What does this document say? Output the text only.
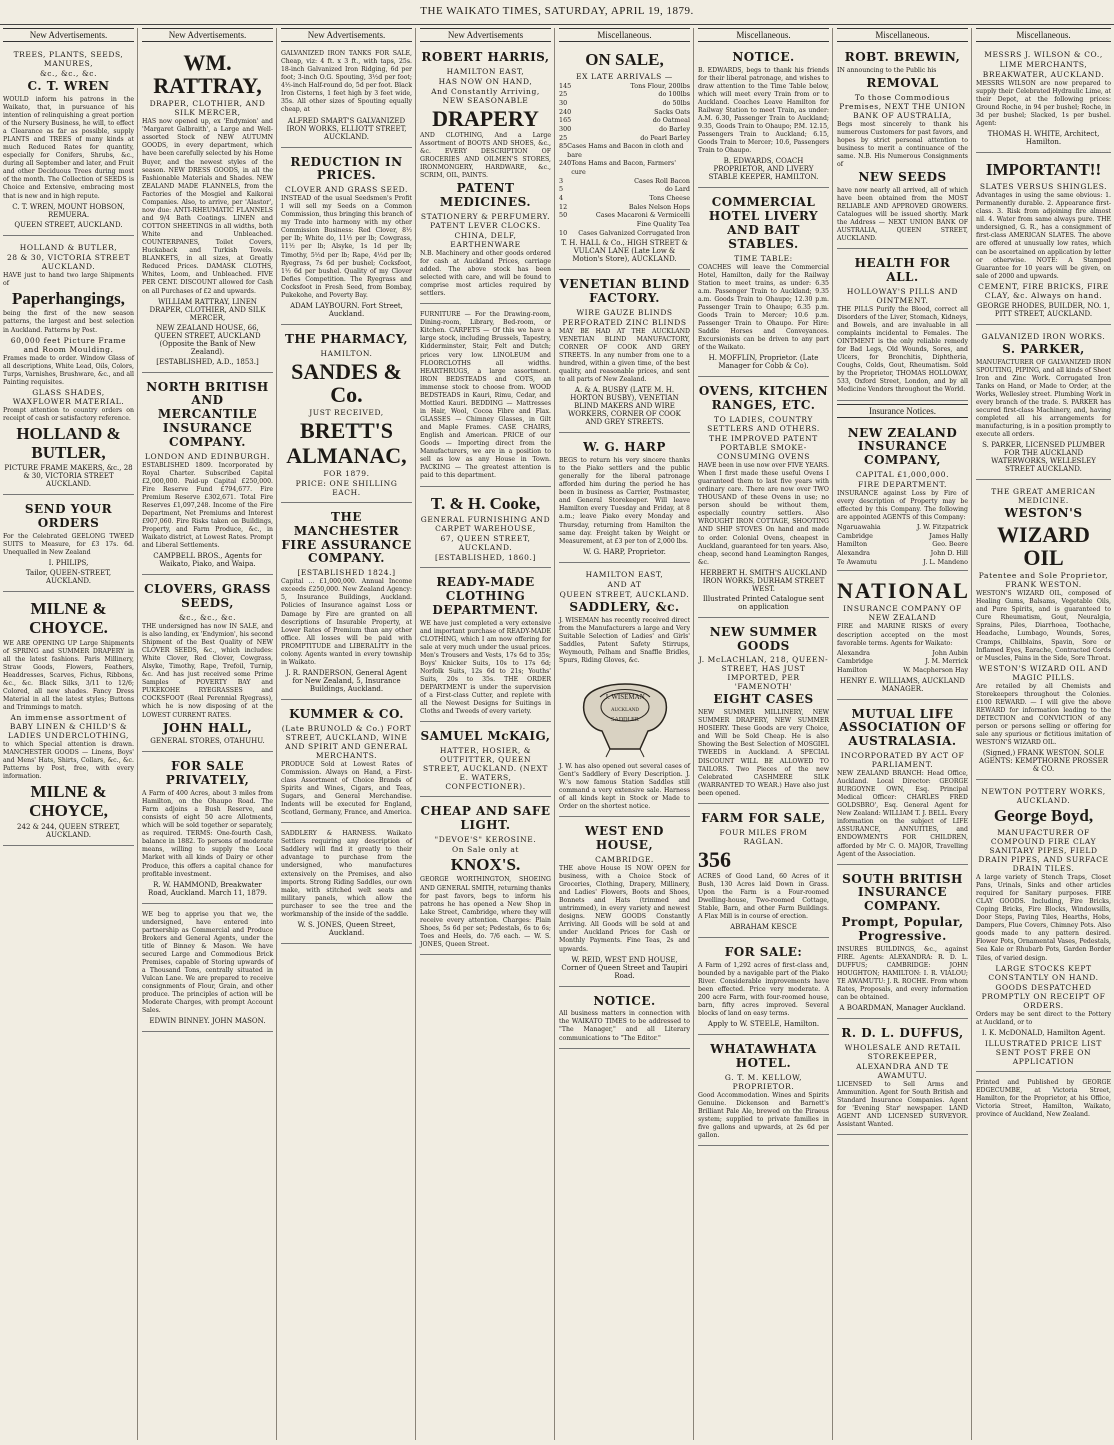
THE WAIKATO TIMES, SATURDAY, APRIL 19, 1879.
New Advertisements.
TREES, PLANTS, SEEDS, MANURES,
&c., &c., &c.
C. T. WREN
WOULD inform his patrons in the Waikato, that, in pursuance of his intention of relinquishing a great portion of the Nursery Business, he will, to effect a Clearance as far as possible, supply PLANTS and TREES of many kinds at much Reduced Rates for quantity, especially for Conifers, Shrubs, &c., during all September and later, and Fruit and other Deciduous Trees during most of the month. The Collection of SEEDS is Choice and Extensive, embracing most that is new and in high repute.
C. T. WREN, MOUNT HOBSON, REMUERA.
QUEEN STREET, AUCKLAND.
HOLLAND & BUTLER,
28 & 30, VICTORIA STREET AUCKLAND.
HAVE just to hand two large Shipments of
Paperhangings,
being the first of the new season patterns, the largest and best selection in Auckland. Patterns by Post.
60,000 feet Picture Frame and Room Moulding.
Frames made to order. Window Glass of all descriptions, White Lead, Oils, Colors, Turps, Varnishes, Brushware, &c., and all Painting requisites.
GLASS SHADES, WAXFLOWER MATERIAL.
Prompt attention to country orders on receipt of cash or satisfactory reference.
HOLLAND & BUTLER,
PICTURE FRAME MAKERS, &c., 28 & 30, VICTORIA STREET AUCKLAND.
SEND YOUR ORDERS
For the Celebrated GEELONG TWEED SUITS to Measure, for £3 17s. 6d. Unequalled in New Zealand
I. PHILIPS,
Tailor, QUEEN-STREET, AUCKLAND.
MILNE & CHOYCE.
WE ARE OPENING UP Large Shipments of SPRING and SUMMER DRAPERY in all the latest fashions. Paris Millinery, Straw Goods, Flowers, Feathers, Headdresses, Scarves, Fichus, Ribbons, &c., &c. Black Silks, 3/11 to 12/6; Colored, all new shades. Fancy Dress Material in all the latest styles; Buttons and Trimmings to match.
An immense assortment of BABY LINEN & CHILD'S & LADIES UNDERCLOTHING,
to which Special attention is drawn. MANCHESTER GOODS — Linens, Boys' and Mens' Hats, Shirts, Collars, &c., &c. Patterns by Post, free, with every information.
MILNE & CHOYCE,
242 & 244, QUEEN STREET, AUCKLAND.
New Advertisements.
WM. RATTRAY,
DRAPER, CLOTHIER, AND SILK MERCER,
HAS now opened up, ex 'Endymion' and 'Margaret Galbraith', a Large and Well-assorted Stock of NEW AUTUMN GOODS, in every department, which have been carefully selected by his Home Buyer, and the newest styles of the season. NEW DRESS GOODS, in all the Fashionable Materials and Shades. NEW ZEALAND MADE FLANNELS, from the Factories of the Mosgiel and Kaikorai Companies. Also, to arrive, per 'Alastor', now due: ANTI-RHEUMATIC FLANNELS and 9/4 Bath Coatings. LINEN and COTTON SHEETINGS in all widths, both White and Unbleached. COUNTERPANES, Toilet Covers, Huckaback and Turkish Towels. BLANKETS, in all sizes, at Greatly Reduced Prices. DAMASK CLOTHS, Whites, Loom, and Unbleached. FIVE PER CENT. DISCOUNT allowed for Cash on all Purchases of £2 and upwards.
WILLIAM RATTRAY, LINEN DRAPER, CLOTHIER, AND SILK MERCER,
NEW ZEALAND HOUSE, 66, QUEEN STREET, AUCKLAND (Opposite the Bank of New Zealand).
[ESTABLISHED, A.D., 1853.]
NORTH BRITISH AND MERCANTILE INSURANCE COMPANY.
LONDON AND EDINBURGH.
ESTABLISHED 1809. Incorporated by Royal Charter. Subscribed Capital £2,000,000. Paid-up Capital £250,000. Fire Reserve Fund £794,677. Fire Premium Reserve £302,671. Total Fire Reserves £1,097,248. Income of the Fire Department, Net Premiums and Interest £907,060. Fire Risks taken on Buildings, Property, and Farm Produce, &c., in Waikato district, at Lowest Rates. Prompt and Liberal Settlements.
CAMPBELL BROS., Agents for Waikato, Piako, and Waipa.
CLOVERS, GRASS SEEDS,
&c., &c., &c.
THE undersigned has now IN SALE, and is also landing, ex 'Endymion', his second Shipment of the Best Quality of NEW CLOVER SEEDS, &c., which includes: White Clover, Red Clover, Cowgrass, Alsyke, Timothy, Rape, Trefoil, Turnip, &c. And has just received some Prime Samples of POVERTY BAY and PUKEKOHE RYEGRASSES and COCKSFOOT (Real Perennial Ryegrass), which he is now disposing of at the LOWEST CURRENT RATES.
JOHN HALL,
GENERAL STORES, OTAHUHU.
FOR SALE PRIVATELY,
A Farm of 400 Acres, about 3 miles from Hamilton, on the Ohaupo Road. The Farm adjoins a Bush Reserve, and consists of eight 50 acre Allotments, which will be sold together or separately, as required. TERMS: One-fourth Cash, balance in 1882. To persons of moderate means, willing to supply the Local Market with all kinds of Dairy or other Produce, this offers a capital chance for profitable investment.
R. W. HAMMOND, Breakwater Road, Auckland. March 11, 1879.
WE beg to apprise you that we, the undersigned, have entered into partnership as Commercial and Produce Brokers and General Agents, under the title of Binney & Mason. We have secured Large and Commodious Brick Premises, capable of Storing upwards of a Thousand Tons, centrally situated in Vulcan Lane. We are prepared to receive consignments of Flour, Grain, and other produce. The principles of action will be Moderate Charges, with prompt Account Sales.
EDWIN BINNEY. JOHN MASON.
New Advertisements.
GALVANIZED IRON TANKS FOR SALE, Cheap, viz: 4 ft. x 3 ft., with taps, 25s. 18-inch Galvanized Iron Ridging, 6d per foot; 3-inch O.G. Spouting, 3½d per foot; 4½-inch Half-round do, 5d per foot. Black Iron Cisterns, 1 feet high by 3 feet wide, 35s. All other sizes of Spouting equally cheap, at
ALFRED SMART'S GALVANIZED IRON WORKS, ELLIOTT STREET, AUCKLAND.
REDUCTION IN PRICES.
CLOVER AND GRASS SEED.
INSTEAD of the usual Seedsmen's Profit I will sell my Seeds on a Common Commission, thus bringing this branch of my Trade into harmony with my other Commission Business: Red Clover, 8½ per lb; White do, 11½ per lb; Cowgrass, 11½ per lb; Alsyke, 1s 1d per lb; Timothy, 5½d per lb; Rape, 4½d per lb; Ryegrass, 7s 6d per bushel; Cocksfoot, 1½ 6d per bushel. Quality of my Clover Defies Competition. The Ryegrass and Cocksfoot in Fresh Seed, from Bombay, Pukekohe, and Poverty Bay.
ADAM LAYBOURN. Fort Street, Auckland.
THE PHARMACY,
HAMILTON.
SANDES & Co.
JUST RECEIVED,
BRETT'S
ALMANAC,
FOR 1879.
PRICE: ONE SHILLING EACH.
THE MANCHESTER FIRE ASSURANCE COMPANY.
[ESTABLISHED 1824.]
Capital ... £1,000,000. Annual Income exceeds £250,000. New Zealand Agency: 5, Insurance Buildings, Auckland. Policies of Insurance against Loss or Damage by Fire are granted on all descriptions of Insurable Property, at Lower Rates of Premium than any other office. All losses will be paid with PROMPTITUDE and LIBERALITY in the colony. Agents wanted in every township in Waikato.
J. R. RANDERSON, General Agent for New Zealand, 5, Insurance Buildings, Auckland.
KUMMER & CO.
(Late BRUNOLD & Co.) FORT STREET, AUCKLAND, WINE AND SPIRIT AND GENERAL MERCHANTS.
PRODUCE Sold at Lowest Rates of Commission. Always on Hand, a First-class Assortment of Choice Brands of Spirits and Wines, Cigars, and Teas, Sugars, and General Merchandise. Indents will be executed for England, Scotland, Germany, France, and America.
SADDLERY & HARNESS. Waikato Settlers requiring any description of Saddlery will find it greatly to their advantage to purchase from the undersigned, who manufactures extensively on the Premises, and also imports. Strong Riding Saddles, our own make, with stitched welt seats and military panels, which allow the purchaser to see the tree and the workmanship of the inside of the saddle.
W. S. JONES, Queen Street, Auckland.
New Advertisements
ROBERT HARRIS,
HAMILTON EAST,
HAS NOW ON HAND,
And Constantly Arriving, NEW SEASONABLE
DRAPERY
AND CLOTHING, And a Large Assortment of BOOTS AND SHOES, &c., &c. EVERY DESCRIPTION OF GROCERIES AND OILMEN'S STORES, IRONMONGERY, HARDWARE, &c., SCRIM, OIL, PAINTS.
PATENT MEDICINES.
STATIONERY & PERFUMERY. PATENT LEVER CLOCKS.
CHINA, DELF, EARTHENWARE
N.B. Machinery and other goods ordered for cash at Auckland Prices, carriage added. The above stock has been selected with care, and will be found to comprise most articles required by settlers.
FURNITURE — For the Drawing-room, Dining-room, Library, Bed-room, or Kitchen. CARPETS — Of this we have a large stock, including Brussels, Tapestry, Kidderminster, Stair, Felt and Dutch; prices very low. LINOLEUM and FLOORCLOTHS all widths. HEARTHRUGS, a large assortment. IRON BEDSTEADS and COTS, an immense stock to choose from. WOOD BEDSTEADS in Kauri, Rimu, Cedar, and Mottled Kauri. BEDDING — Mattresses in Hair, Wool, Cocoa Fibre and Flax. GLASSES — Chimney Glasses, in Gilt and Maple Frames. CASE CHAIRS, English and American. PRICE of our Goods — Importing direct from the Manufacturers, we are in a position to sell as low as any House in Town. PACKING — The greatest attention is paid to this department.
T. & H. Cooke,
GENERAL FURNISHING AND CARPET WAREHOUSE,
67, QUEEN STREET, AUCKLAND.
[ESTABLISHED, 1860.]
READY-MADE CLOTHING DEPARTMENT.
WE have just completed a very extensive and important purchase of READY-MADE CLOTHING, which I am now offering for sale at very much under the usual prices. Men's Trousers and Vests, 17s 6d to 35s; Boys' Knicker Suits, 10s to 17s 6d; Norfolk Suits, 12s 6d to 21s; Youths' Suits, 20s to 35s. THE ORDER DEPARTMENT is under the supervision of a First-class Cutter, and replete with all the Newest Designs for Suitings in Cloths and Tweeds of every variety.
SAMUEL McKAIG,
HATTER, HOSIER, & OUTFITTER, QUEEN STREET, AUCKLAND. (NEXT E. WATERS, CONFECTIONER).
CHEAP AND SAFE LIGHT.
"DEVOE'S" KEROSINE.
On Sale only at
KNOX'S.
GEORGE WORTHINGTON, SHOEING AND GENERAL SMITH, returning thanks for past favors, begs to inform his patrons he has opened a New Shop in Lake Street, Cambridge, where they will receive every attention. Charges: Plain Shoes, 5s 6d per set; Pedestals, 6s to 6s; Toes and Heels, do. 7/6 each. — W. S. JONES, Queen Street.
Miscellaneous.
ON SALE,
EX LATE ARRIVALS —
145	Tons Flour, 200lbs
25	do 100lbs
30	do 50lbs
240	Sacks Oats
165	do Oatmeal
300	do Barley
25	do Pearl Barley
85 Cases Hams and Bacon in cloth and bare
240 Tons Hams and Bacon, Farmers' cure
3	Cases Roll Bacon
5	do Lard
4	Tons Cheese
12	Bales Nelson Hops
50	Cases Macaroni & Vermicelli
Fine Quality Tea
10 Cases Galvanized Corrugated Iron
T. H. HALL & Co., HIGH STREET & VULCAN LANE (Late Low & Motion's Store), AUCKLAND.
VENETIAN BLIND FACTORY.
WIRE GAUZE BLINDS
PERFORATED ZINC BLINDS
MAY BE HAD AT THE AUCKLAND VENETIAN BLIND MANUFACTORY, CORNER OF COOK AND GREY STREETS. In any number from one to a hundred, within a given time, of the best quality, and reasonable prices, and sent to all parts of New Zealand.
A. & A. BUSBY (LATE M. H. HORTON BUSBY), VENETIAN BLIND MAKERS AND WIRE WORKERS, CORNER OF COOK AND GREY STREETS.
W. G. HARP
BEGS to return his very sincere thanks to the Piako settlers and the public generally for the liberal patronage afforded him during the period he has been in business as Carrier, Postmaster, and General Storekeeper. Will leave Hamilton every Tuesday and Friday, at 8 a.m.; leave Piako every Monday and Thursday, returning from Hamilton the same day. Freight taken by Weight or Measurement, at £3 per ton of 2,000 lbs.
W. G. HARP, Proprietor.
HAMILTON EAST,
AND AT
QUEEN STREET, AUCKLAND.
SADDLERY, &c.
J. WISEMAN has recently received direct from the Manufacturers a large and Very Suitable Selection of Ladies' and Girls' Saddles, Patent Safety Stirrups, Weymouth, Pelham and Snaffle Bridles, Spurs, Riding Gloves, &c.
J. WISEMAN
AUCKLAND
SADDLER
J. W. has also opened out several cases of Gent's Saddlery of Every Description. J. W.'s now famous Station Saddles still command a very extensive sale. Harness of all kinds kept in Stock or Made to Order on the shortest notice.
WEST END HOUSE,
CAMBRIDGE.
THE above House IS NOW OPEN for business, with a Choice Stock of Groceries, Clothing, Drapery, Millinery, and Ladies' Flowers, Boots and Shoes, Bonnets and Hats (trimmed and untrimmed), in every variety and newest designs. NEW GOODS Constantly Arriving. All Goods will be sold at and under Auckland Prices for Cash or Monthly Payments. Fine Teas, 2s and upwards.
W. REID, WEST END HOUSE, Corner of Queen Street and Taupiri Road.
NOTICE.
All business matters in connection with the WAIKATO TIMES to be addressed to "The Manager," and all Literary communications to "The Editor."
Miscellaneous.
NOTICE.
B. EDWARDS, begs to thank his friends for their liberal patronage, and wishes to draw attention to the Time Table below, which will meet every Train from or to Auckland. Coaches Leave Hamilton for Railway Station to meet Train, as under: A.M. 6.30, Passenger Train to Auckland; 9.35, Goods Train to Ohaupo; P.M. 12.15, Passengers Train to Auckland; 6.15, Goods Train to Mercer; 10.6, Passengers Train to Ohaupo.
B. EDWARDS, COACH PROPRIETOR, AND LIVERY STABLE KEEPER, HAMILTON.
COMMERCIAL HOTEL LIVERY AND BAIT STABLES.
TIME TABLE:
COACHES will leave the Commercial Hotel, Hamilton, daily for the Railway Station to meet trains, as under: 6.35 a.m. Passenger Train to Auckland; 9.35 a.m. Goods Train to Ohaupo; 12.30 p.m. Passenger Train to Ohaupo; 6.35 p.m. Goods Train to Mercer; 10.6 p.m. Passenger Train to Ohaupo. For Hire: Saddle Horses and Conveyances. Excursionists can be driven to any part of the Waikato.
H. MOFFLIN, Proprietor. (Late Manager for Cobb & Co).
OVENS, KITCHEN RANGES, ETC.
TO LADIES, COUNTRY SETTLERS AND OTHERS.
THE IMPROVED PATENT PORTABLE SMOKE-CONSUMING OVENS
HAVE been in use now over FIVE YEARS. When I first made these useful Ovens I guaranteed them to last five years with ordinary care. There are now over TWO THOUSAND of these Ovens in use; no person should be without them, especially country settlers. Also WROUGHT IRON COTTAGE, SHOOTING AND SHIP STOVES On hand and made to order. Colonial Ovens, cheapest in Auckland, guaranteed for ten years. Also, cheap, second hand Leamington Ranges, &c.
HERBERT H. SMITH'S AUCKLAND IRON WORKS, DURHAM STREET WEST.
Illustrated Printed Catalogue sent on application
NEW SUMMER GOODS
J. McLACHLAN, 218, QUEEN-STREET, HAS JUST IMPORTED, PER 'FAMENOTH'
EIGHT CASES
NEW SUMMER MILLINERY, NEW SUMMER DRAPERY, NEW SUMMER HOSIERY. These Goods are very Choice, and Will be Sold Cheap. He is also Showing the Best Selection of MOSGIEL TWEEDS in Auckland. A SPECIAL DISCOUNT WILL BE ALLOWED TO TAILORS. Two Pieces of the new Celebrated CASHMERE SILK (WARRANTED TO WEAR.) Have also just been opened.
FARM FOR SALE,
FOUR MILES FROM RAGLAN.
356
ACRES of Good Land, 60 Acres of it Bush, 130 Acres laid Down in Grass. Upon the Farm is a Four-roomed Dwelling-house, Two-roomed Cottage, Stable, Barn, and other Farm Buildings. A Flax Mill is in course of erection.
ABRAHAM KESCE
FOR SALE:
A Farm of 1,292 acres of first-class and, bounded by a navigable part of the Piako River. Considerable improvements have been effected. Price very moderate. A 200 acre Farm, with four-roomed house, barn, fifty acres improved. Several blocks of land on easy terms.
Apply to W. STEELE, Hamilton.
WHATAWHATA HOTEL.
G. T. M. KELLOW, PROPRIETOR.
Good Accommodation. Wines and Spirits Genuine. Dickenson and Barnett's Brilliant Pale Ale, brewed on the Piraeus system; supplied to private families in five gallons and upwards, at 2s 6d per gallon.
Miscellaneous.
ROBT. BREWIN,
IN announcing to the Public his
REMOVAL
To those Commodious Premises, NEXT THE UNION BANK OF AUSTRALIA,
Begs most sincerely to thank his numerous Customers for past favors, and hopes by strict personal attention to business to merit a continuance of the same. N.B. His Numerous Consignments of
NEW SEEDS
have now nearly all arrived, all of which have been obtained from the MOST RELIABLE AND APPROVED GROWERS. Catalogues will be issued shortly. Mark the Address — NEXT UNION BANK OF AUSTRALIA, QUEEN STREET, AUCKLAND.
HEALTH FOR ALL.
HOLLOWAY'S PILLS AND OINTMENT.
THE PILLS Purify the Blood, correct all Disorders of the Liver, Stomach, Kidneys, and Bowels, and are invaluable in all complaints incidental to Females. The OINTMENT is the only reliable remedy for Bad Legs, Old Wounds, Sores, and Ulcers, for Bronchitis, Diphtheria, Coughs, Colds, Gout, Rheumatism. Sold by the Proprietor, THOMAS HOLLOWAY, 533, Oxford Street, London, and by all Medicine Vendors throughout the World.
Insurance Notices.
NEW ZEALAND INSURANCE COMPANY,
CAPITAL £1,000,000.
FIRE DEPARTMENT.
INSURANCE against Loss by Fire of every description of Property may be effected by this Company. The following are appointed AGENTS of this Company:
Ngaruawahia	J. W. Fitzpatrick
Cambridge	James Hally
Hamilton	Geo. Beere
Alexandra	John D. Hill
Te Awamutu	J. L. Mandeno
NATIONAL
INSURANCE COMPANY OF NEW ZEALAND
FIRE and MARINE RISKS of every description accepted on the most favorable terms. Agents for Waikato:
Alexandra	John Aubin
Cambridge	J. M. Merrick
Hamilton	W. Macpherson Hay
HENRY E. WILLIAMS, AUCKLAND MANAGER.
MUTUAL LIFE ASSOCIATION OF AUSTRALASIA.
INCORPORATED BY ACT OF PARLIAMENT.
NEW ZEALAND BRANCH: Head Office, Auckland. Local Director: GEORGE BURGOYNE OWN, Esq. Principal Medical Officer: CHARLES FRED GOLDSBRO', Esq. General Agent for New Zealand: WILLIAM T. J. BELL. Every information on the subject of LIFE ASSURANCE, ANNUITIES, and ENDOWMENTS FOR CHILDREN, afforded by Mr C. O. MAJOR, Travelling Agent of the Association.
SOUTH BRITISH INSURANCE COMPANY.
Prompt, Popular, Progressive.
INSURES BUILDINGS, &c., against FIRE. Agents: ALEXANDRA: R. D. L. DUFFUS; CAMBRIDGE: JOHN HOUGHTON; HAMILTON: I. R. VIALOU; TE AWAMUTU: J. R. ROCHE. From whom Rates, Proposals, and every information can be obtained.
A BOARDMAN, Manager Auckland.
R. D. L. DUFFUS,
WHOLESALE AND RETAIL STOREKEEPER,
ALEXANDRA AND TE AWAMUTU.
LICENSED to Sell Arms and Ammunition. Agent for South British and Standard Insurance Companies. Agent for 'Evening Star' newspaper. LAND AGENT AND LICENSED SURVEYOR. Assistant Wanted.
Miscellaneous.
MESSRS J. WILSON & CO.,
LIME MERCHANTS,
BREAKWATER, AUCKLAND.
MESSRS WILSON are now prepared to supply their Celebrated Hydraulic Lime, at their Depot, at the following prices: Ground Roche, in 94 per bushel; Roche, in 3d per bushel; Slacked, 1s per bushel. Agent:
THOMAS H. WHITE, Architect, Hamilton.
IMPORTANT!!
SLATES VERSUS SHINGLES.
Advantages in using the same obvious: 1. Permanently durable. 2. Appearance first-class. 3. Risk from adjoining fire almost nil. 4. Water from same always pure. THE undersigned, G. R., has a consignment of first-class AMERICAN SLATES. The above are offered at unusually low rates, which can be ascertained on application by letter or otherwise. NOTE: A Stamped Guarantee for 10 years will be given, on sale of 2000 and upwards.
CEMENT, FIRE BRICKS, FIRE CLAY, &c. Always on hand.
GEORGE RHODES, BUILDER, NO. 1, PITT STREET, AUCKLAND.
GALVANIZED IRON WORKS.
S. PARKER,
MANUFACTURER OF GALVANIZED IRON SPOUTING, PIPING, and all kinds of Sheet Iron and Zinc Work. Corrugated Iron Tanks on Hand, or Made to Order, at the Works, Wellesley street. Plumbing Work in every branch of the trade. S. PARKER has secured first-class Machinery, and, having completed all his arrangements for manufacturing, is in a position promptly to execute all orders.
S. PARKER, LICENSED PLUMBER FOR THE AUCKLAND WATERWORKS, WELLESLEY STREET AUCKLAND.
THE GREAT AMERICAN MEDICINE.
WESTON'S
WIZARD OIL
Patentee and Sole Proprietor, FRANK WESTON.
WESTON'S WIZARD OIL, composed of Healing Gums, Balsams, Vegetable Oils, and Pure Spirits, and is guaranteed to Cure Rheumatism, Gout, Neuralgia, Sprains, Piles, Diarrhoea, Toothache, Headache, Lumbago, Wounds, Sores, Cramps, Chilblains, Spavin, Sore or Inflamed Eyes, Earache, Contracted Cords or Muscles, Pains in the Side, Sore Throat.
WESTON'S WIZARD OIL AND MAGIC PILLS.
Are retailed by all Chemists and Storekeepers throughout the Colonies. £100 REWARD. — I will give the above REWARD for information leading to the DETECTION and CONVICTION of any person or persons selling or offering for sale any spurious or fictitious imitation of WESTON'S WIZARD OIL.
(Signed,) FRANK WESTON. SOLE AGENTS: KEMPTHORNE PROSSER & CO.
NEWTON POTTERY WORKS, AUCKLAND.
George Boyd,
MANUFACTURER OF COMPOUND FIRE CLAY SANITARY PIPES, FIELD DRAIN PIPES, AND SURFACE DRAIN TILES.
A large variety of Stench Traps, Closet Pans, Urinals, Sinks and other articles required for Sanitary purposes. FIRE CLAY GOODS. Including, Fire Bricks, Coping Bricks, Fire Blocks, Windowsills, Door Steps, Paving Tiles, Hearths, Hobs, Dampers, Flue Covers, Chimney Pots. Also goods made to any pattern desired. Flower Pots, Ornamental Vases, Pedestals, Sea Kale or Rhubarb Pots, Garden Border Tiles, of varied design.
LARGE STOCKS KEPT CONSTANTLY ON HAND.
GOODS DESPATCHED PROMPTLY ON RECEIPT OF ORDERS.
Orders may be sent direct to the Pottery at Auckland, or to
I. K. McDONALD, Hamilton Agent.
ILLUSTRATED PRICE LIST SENT POST FREE ON APPLICATION
Printed and Published by GEORGE EDGECUMBE, at Victoria Street, Hamilton, for the Proprietor, at his Office, Victoria Street, Hamilton, Waikato, province of Auckland, New Zealand.
